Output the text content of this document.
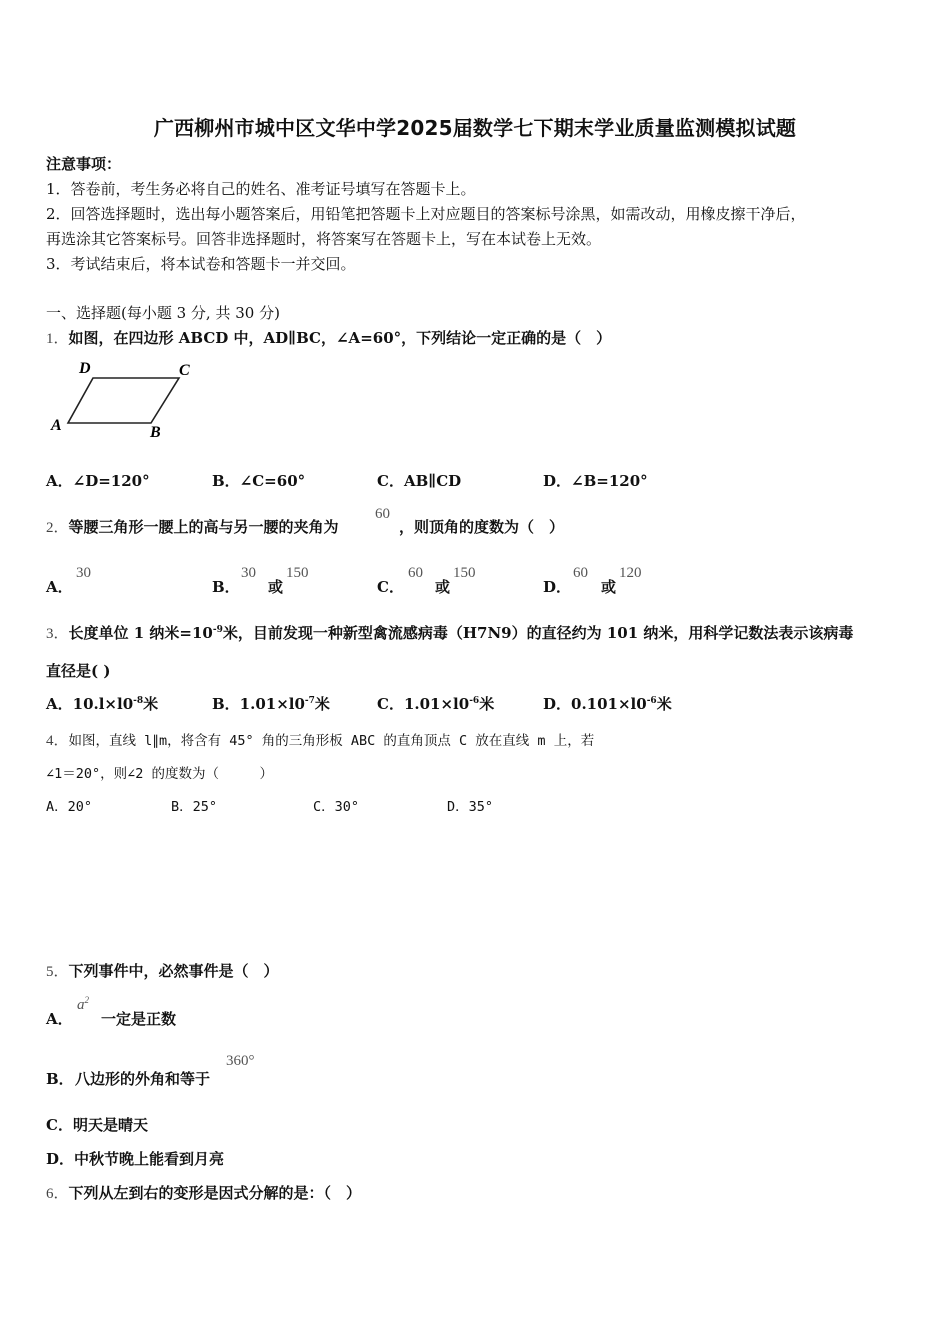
广西柳州市城中区文华中学2025届数学七下期末学业质量监测模拟试题
注意事项：
1．答卷前，考生务必将自己的姓名、准考证号填写在答题卡上。
2．回答选择题时，选出每小题答案后，用铅笔把答题卡上对应题目的答案标号涂黑，如需改动，用橡皮擦干净后，
再选涂其它答案标号。回答非选择题时，将答案写在答题卡上，写在本试卷上无效。
3．考试结束后，将本试卷和答题卡一并交回。
一、选择题(每小题 3 分, 共 30 分)
1．如图，在四边形 ABCD 中，AD∥BC，∠A=60°，下列结论一定正确的是（　）
A	B
C
D
A．∠D=120°	B．∠C=60°	C．AB∥CD	D．∠B=120°
2．等腰三角形一腰上的高与另一腰的夹角为
60
，则顶角的度数为（　）
A．
30
B．
30
或
150
C．
60
或
150
D．
60
或
120
3．长度单位 1 纳米$=10^{-9}$米，目前发现一种新型禽流感病毒（H7N9）的直径约为 101 纳米，用科学记数法表示该病毒
直径是( )
A．$10.l\times l0^{-8}$米	B．$1.01\times l0^{-7}$米	C．$1.01\times l0^{-6}$米	D．$0.101\times l0^{-6}$米
4．如图，直线 l∥m，将含有 45° 角的三角形板 ABC 的直角顶点 C 放在直线 m 上，若
∠1＝20°，则∠2 的度数为（　　　）
A．20°	B．25°	C．30°	D．35°
5．下列事件中，必然事件是（　）
A．
$a^2$
一定是正数
B． 八边形的外角和等于
360°
C．明天是晴天
D．中秋节晚上能看到月亮
6．下列从左到右的变形是因式分解的是：（　）
